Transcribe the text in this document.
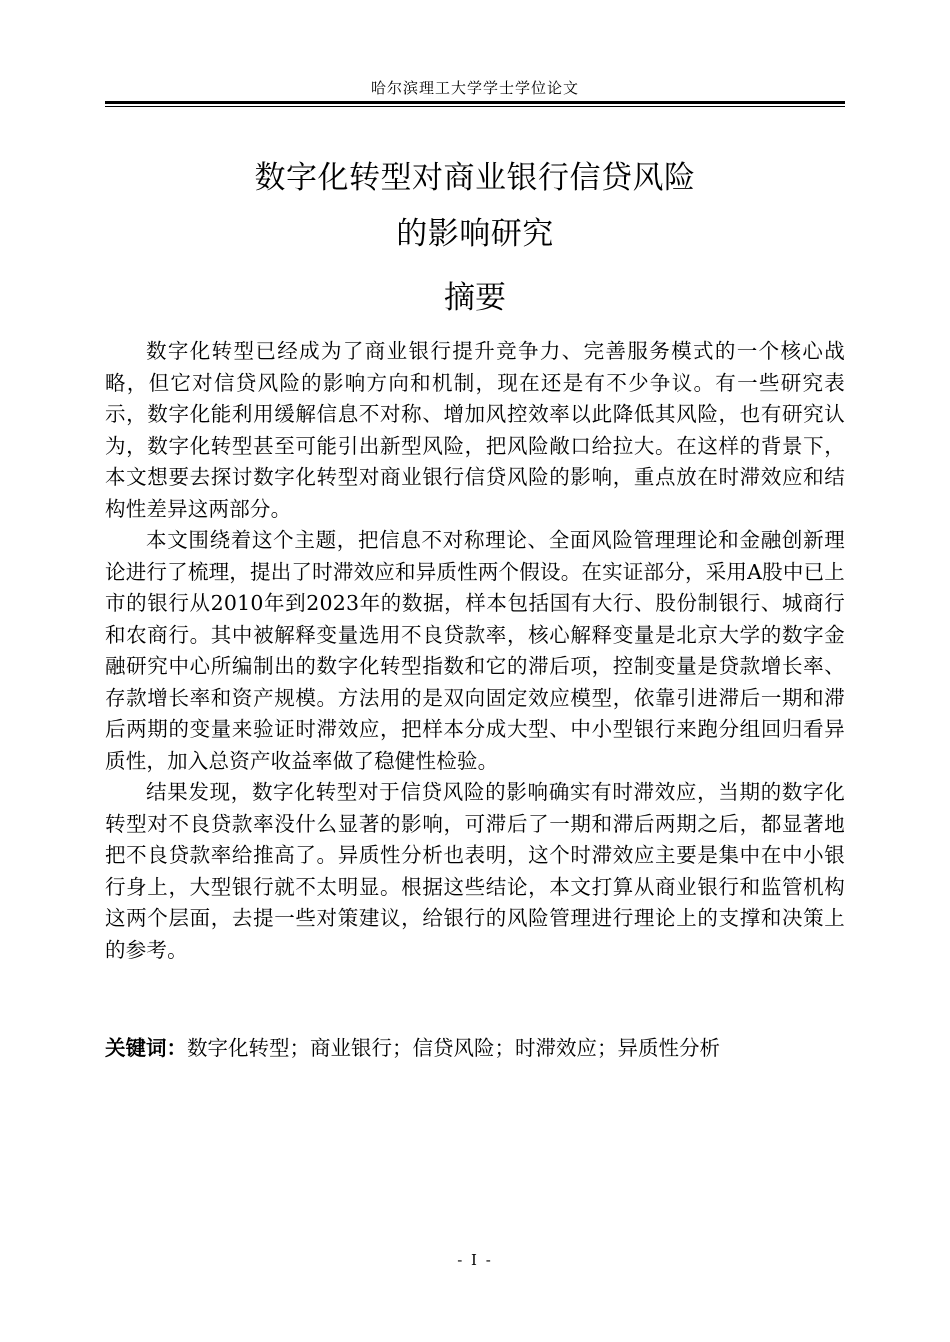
哈尔滨理工大学学士学位论文
数字化转型对商业银行信贷风险
的影响研究
摘要

数字化转型已经成为了商业银行提升竞争力、完善服务模式的一个核心战略，但它对信贷风险的影响方向和机制，现在还是有不少争议。有一些研究表示，数字化能利用缓解信息不对称、增加风控效率以此降低其风险，也有研究认为，数字化转型甚至可能引出新型风险，把风险敞口给拉大。在这样的背景下，本文想要去探讨数字化转型对商业银行信贷风险的影响，重点放在时滞效应和结构性差异这两部分。

本文围绕着这个主题，把信息不对称理论、全面风险管理理论和金融创新理论进行了梳理，提出了时滞效应和异质性两个假设。在实证部分，采用A股中已上市的银行从2010年到2023年的数据，样本包括国有大行、股份制银行、城商行和农商行。其中被解释变量选用不良贷款率，核心解释变量是北京大学的数字金融研究中心所编制出的数字化转型指数和它的滞后项，控制变量是贷款增长率、存款增长率和资产规模。方法用的是双向固定效应模型，依靠引进滞后一期和滞后两期的变量来验证时滞效应，把样本分成大型、中小型银行来跑分组回归看异质性，加入总资产收益率做了稳健性检验。

结果发现，数字化转型对于信贷风险的影响确实有时滞效应，当期的数字化转型对不良贷款率没什么显著的影响，可滞后了一期和滞后两期之后，都显著地把不良贷款率给推高了。异质性分析也表明，这个时滞效应主要是集中在中小银行身上，大型银行就不太明显。根据这些结论，本文打算从商业银行和监管机构这两个层面，去提一些对策建议，给银行的风险管理进行理论上的支撑和决策上的参考。

关键词：数字化转型；商业银行；信贷风险；时滞效应；异质性分析
- I -
